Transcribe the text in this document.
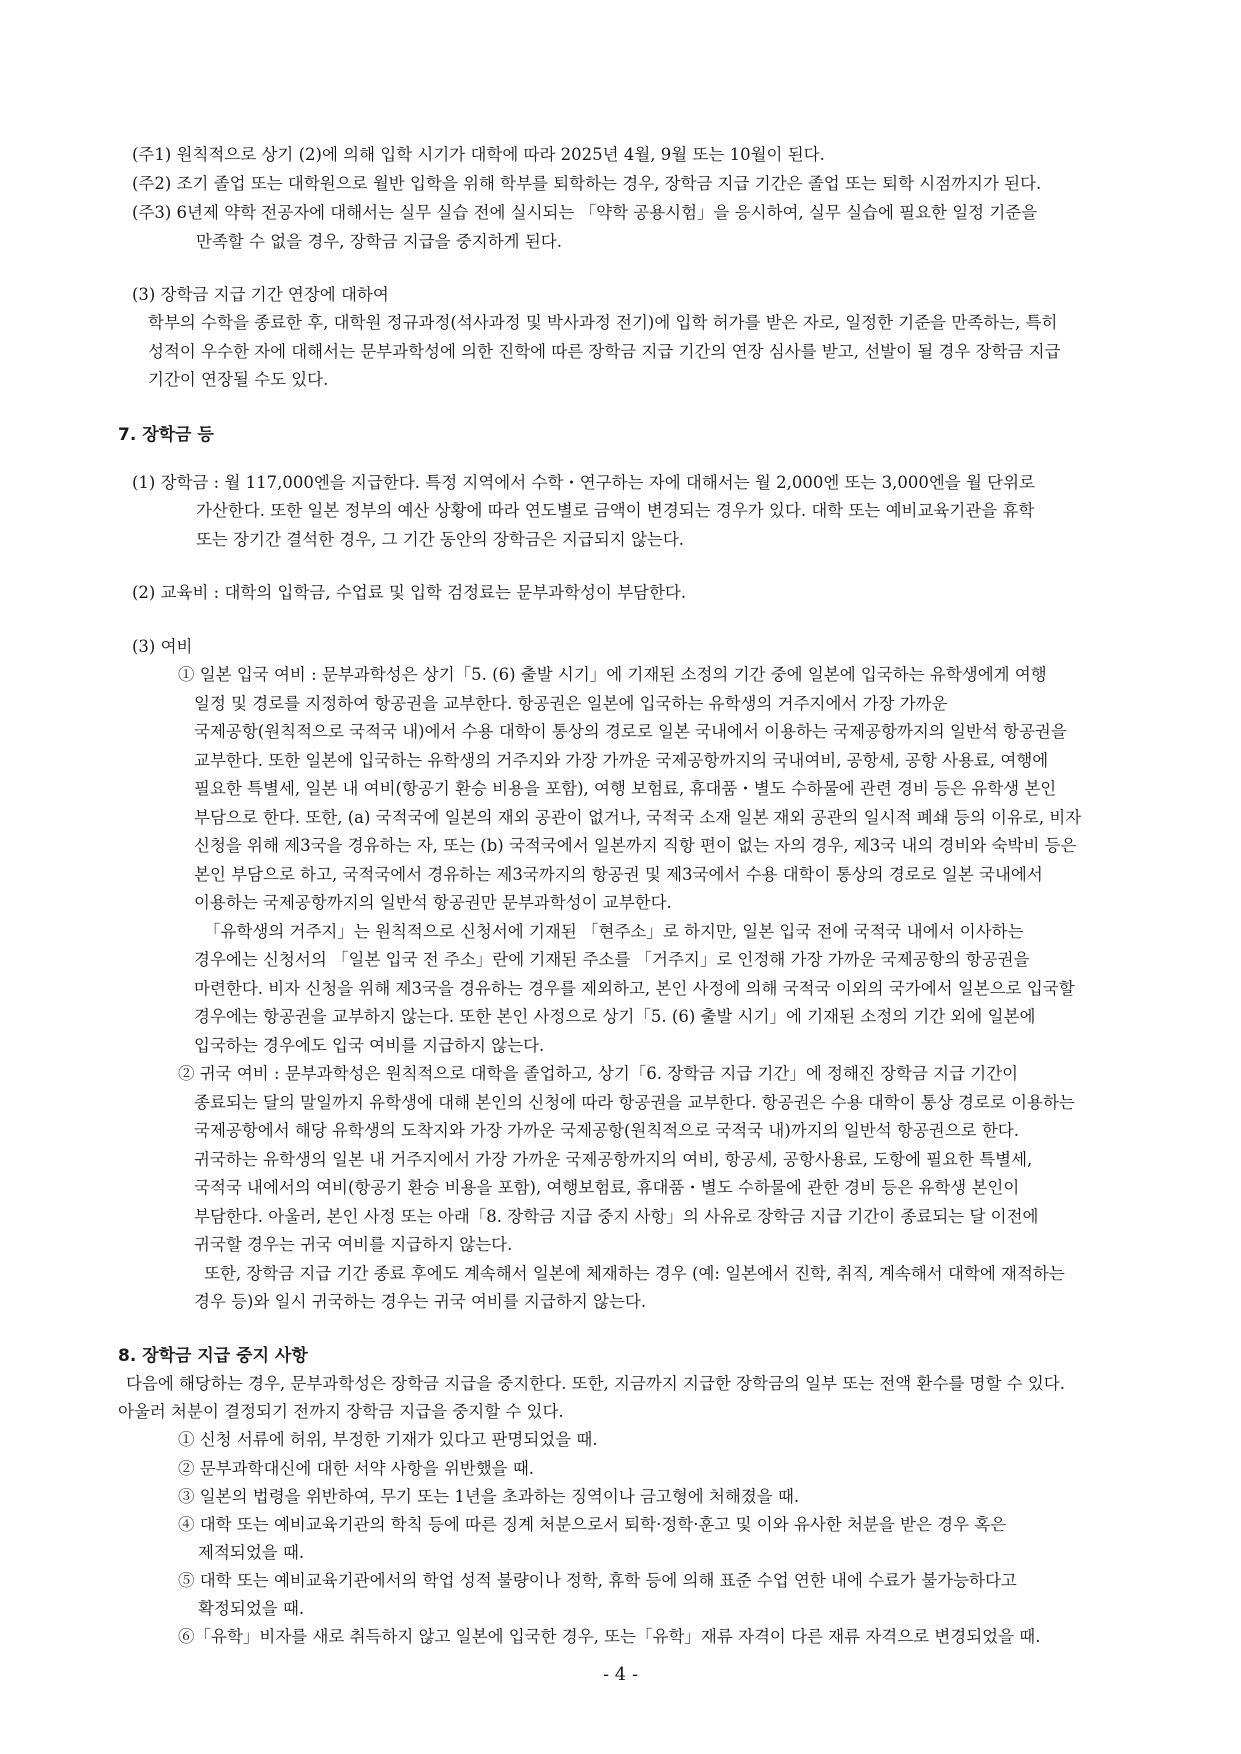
(주1) 원칙적으로 상기 (2)에 의해 입학 시기가 대학에 따라 2025년 4월, 9월 또는 10월이 된다.
(주2) 조기 졸업 또는 대학원으로 월반 입학을 위해 학부를 퇴학하는 경우, 장학금 지급 기간은 졸업 또는 퇴학 시점까지가 된다.
(주3) 6년제 약학 전공자에 대해서는 실무 실습 전에 실시되는 「약학 공용시험」을 응시하여, 실무 실습에 필요한 일정 기준을
만족할 수 없을 경우, 장학금 지급을 중지하게 된다.
(3) 장학금 지급 기간 연장에 대하여
학부의 수학을 종료한 후, 대학원 정규과정(석사과정 및 박사과정 전기)에 입학 허가를 받은 자로, 일정한 기준을 만족하는, 특히
성적이 우수한 자에 대해서는 문부과학성에 의한 진학에 따른 장학금 지급 기간의 연장 심사를 받고, 선발이 될 경우 장학금 지급
기간이 연장될 수도 있다.
7. 장학금 등
(1) 장학금 : 월 117,000엔을 지급한다. 특정 지역에서 수학・연구하는 자에 대해서는 월 2,000엔 또는 3,000엔을 월 단위로
가산한다. 또한 일본 정부의 예산 상황에 따라 연도별로 금액이 변경되는 경우가 있다. 대학 또는 예비교육기관을 휴학
또는 장기간 결석한 경우, 그 기간 동안의 장학금은 지급되지 않는다.
(2) 교육비 : 대학의 입학금, 수업료 및 입학 검정료는 문부과학성이 부담한다.
(3) 여비
① 일본 입국 여비 : 문부과학성은 상기「5. (6) 출발 시기」에 기재된 소정의 기간 중에 일본에 입국하는 유학생에게 여행
일정 및 경로를 지정하여 항공권을 교부한다. 항공권은 일본에 입국하는 유학생의 거주지에서 가장 가까운
국제공항(원칙적으로 국적국 내)에서 수용 대학이 통상의 경로로 일본 국내에서 이용하는 국제공항까지의 일반석 항공권을
교부한다. 또한 일본에 입국하는 유학생의 거주지와 가장 가까운 국제공항까지의 국내여비, 공항세, 공항 사용료, 여행에
필요한 특별세, 일본 내 여비(항공기 환승 비용을 포함), 여행 보험료, 휴대품・별도 수하물에 관련 경비 등은 유학생 본인
부담으로 한다. 또한, (a) 국적국에 일본의 재외 공관이 없거나, 국적국 소재 일본 재외 공관의 일시적 폐쇄 등의 이유로, 비자
신청을 위해 제3국을 경유하는 자, 또는 (b) 국적국에서 일본까지 직항 편이 없는 자의 경우, 제3국 내의 경비와 숙박비 등은
본인 부담으로 하고, 국적국에서 경유하는 제3국까지의 항공권 및 제3국에서 수용 대학이 통상의 경로로 일본 국내에서
이용하는 국제공항까지의 일반석 항공권만 문부과학성이 교부한다.
「유학생의 거주지」는 원칙적으로 신청서에 기재된 「현주소」로 하지만, 일본 입국 전에 국적국 내에서 이사하는
경우에는 신청서의 「일본 입국 전 주소」란에 기재된 주소를 「거주지」로 인정해 가장 가까운 국제공항의 항공권을
마련한다. 비자 신청을 위해 제3국을 경유하는 경우를 제외하고, 본인 사정에 의해 국적국 이외의 국가에서 일본으로 입국할
경우에는 항공권을 교부하지 않는다. 또한 본인 사정으로 상기「5. (6) 출발 시기」에 기재된 소정의 기간 외에 일본에
입국하는 경우에도 입국 여비를 지급하지 않는다.
② 귀국 여비 : 문부과학성은 원칙적으로 대학을 졸업하고, 상기「6. 장학금 지급 기간」에 정해진 장학금 지급 기간이
종료되는 달의 말일까지 유학생에 대해 본인의 신청에 따라 항공권을 교부한다. 항공권은 수용 대학이 통상 경로로 이용하는
국제공항에서 해당 유학생의 도착지와 가장 가까운 국제공항(원칙적으로 국적국 내)까지의 일반석 항공권으로 한다.
귀국하는 유학생의 일본 내 거주지에서 가장 가까운 국제공항까지의 여비, 항공세, 공항사용료, 도항에 필요한 특별세,
국적국 내에서의 여비(항공기 환승 비용을 포함), 여행보험료, 휴대품・별도 수하물에 관한 경비 등은 유학생 본인이
부담한다. 아울러, 본인 사정 또는 아래「8. 장학금 지급 중지 사항」의 사유로 장학금 지급 기간이 종료되는 달 이전에
귀국할 경우는 귀국 여비를 지급하지 않는다.
또한, 장학금 지급 기간 종료 후에도 계속해서 일본에 체재하는 경우 (예: 일본에서 진학, 취직, 계속해서 대학에 재적하는
경우 등)와 일시 귀국하는 경우는 귀국 여비를 지급하지 않는다.
8. 장학금 지급 중지 사항
다음에 해당하는 경우, 문부과학성은 장학금 지급을 중지한다. 또한, 지금까지 지급한 장학금의 일부 또는 전액 환수를 명할 수 있다.
아울러 처분이 결정되기 전까지 장학금 지급을 중지할 수 있다.
① 신청 서류에 허위, 부정한 기재가 있다고 판명되었을 때.
② 문부과학대신에 대한 서약 사항을 위반했을 때.
③ 일본의 법령을 위반하여, 무기 또는 1년을 초과하는 징역이나 금고형에 처해졌을 때.
④ 대학 또는 예비교육기관의 학칙 등에 따른 징계 처분으로서 퇴학·정학·훈고 및 이와 유사한 처분을 받은 경우 혹은
제적되었을 때.
⑤ 대학 또는 예비교육기관에서의 학업 성적 불량이나 정학, 휴학 등에 의해 표준 수업 연한 내에 수료가 불가능하다고
확정되었을 때.
⑥「유학」비자를 새로 취득하지 않고 일본에 입국한 경우, 또는「유학」재류 자격이 다른 재류 자격으로 변경되었을 때.
- 4 -
